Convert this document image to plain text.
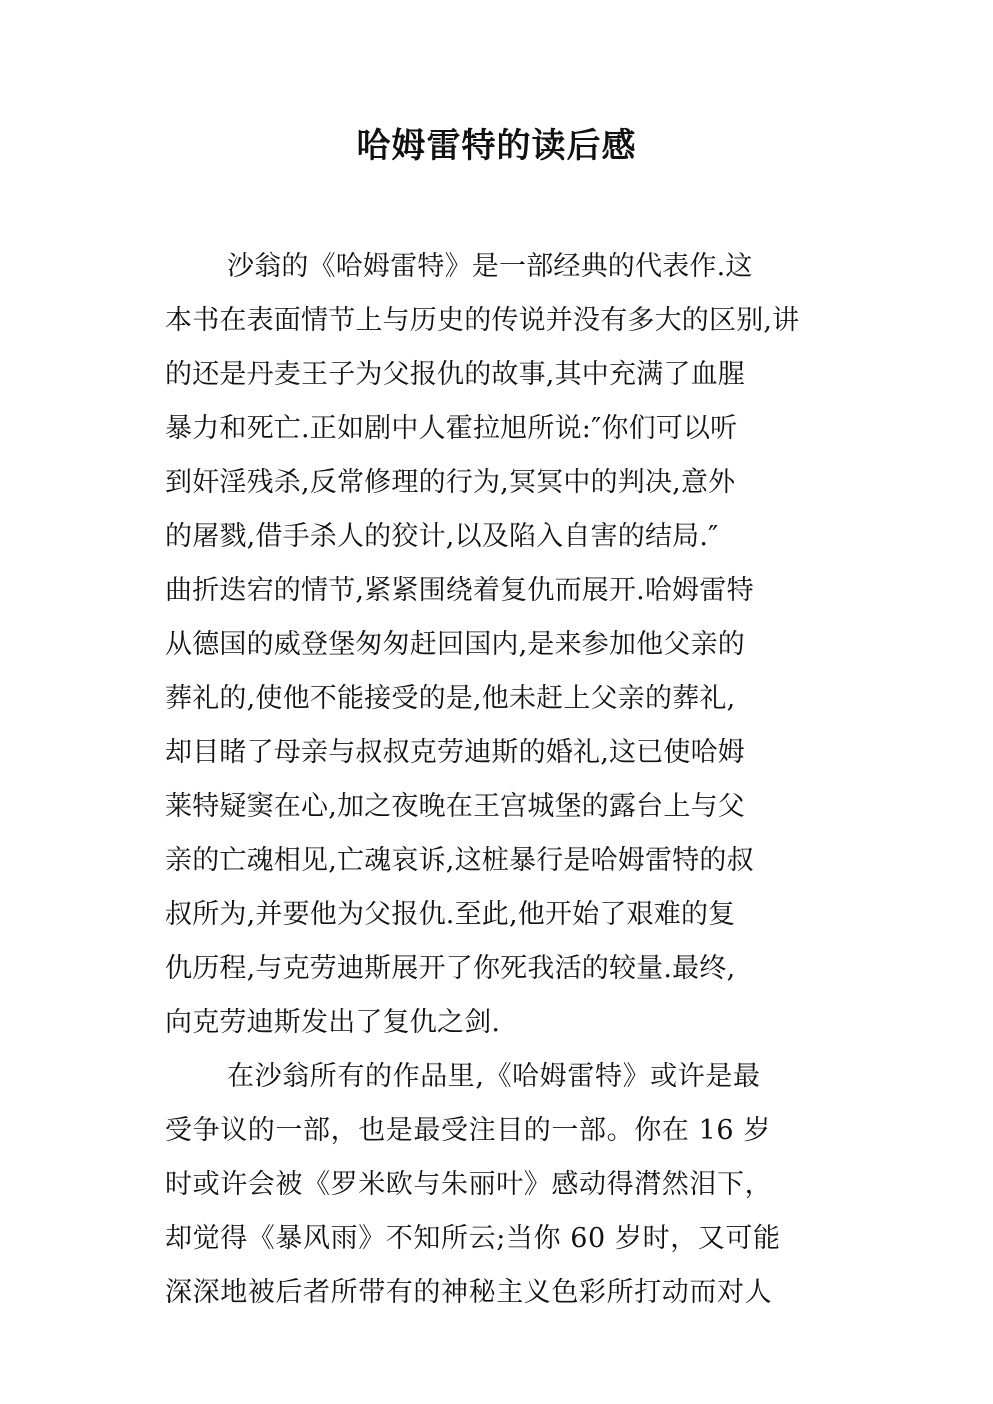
哈姆雷特的读后感
沙翁的《哈姆雷特》是一部经典的代表作.这
本书在表面情节上与历史的传说并没有多大的区别,讲
的还是丹麦王子为父报仇的故事,其中充满了血腥
暴力和死亡.正如剧中人霍拉旭所说:″你们可以听
到奸淫残杀,反常修理的行为,冥冥中的判决,意外
的屠戮,借手杀人的狡计,以及陷入自害的结局.″
曲折迭宕的情节,紧紧围绕着复仇而展开.哈姆雷特
从德国的威登堡匆匆赶回国内,是来参加他父亲的
葬礼的,使他不能接受的是,他未赶上父亲的葬礼,
却目睹了母亲与叔叔克劳迪斯的婚礼,这已使哈姆
莱特疑窦在心,加之夜晚在王宫城堡的露台上与父
亲的亡魂相见,亡魂哀诉,这桩暴行是哈姆雷特的叔
叔所为,并要他为父报仇.至此,他开始了艰难的复
仇历程,与克劳迪斯展开了你死我活的较量.最终,
向克劳迪斯发出了复仇之剑.
在沙翁所有的作品里,《哈姆雷特》或许是最
受争议的一部，也是最受注目的一部。你在 16 岁
时或许会被《罗米欧与朱丽叶》感动得潸然泪下，
却觉得《暴风雨》不知所云;当你 60 岁时，又可能
深深地被后者所带有的神秘主义色彩所打动而对人
